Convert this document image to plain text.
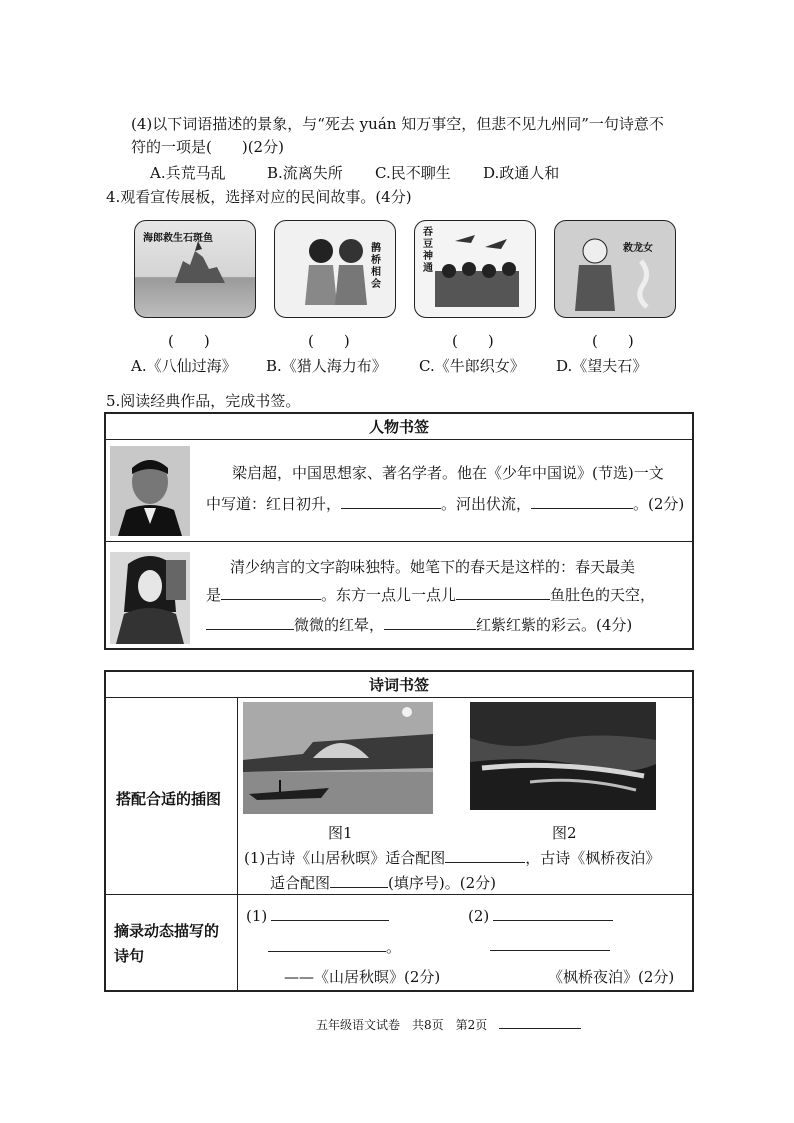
(4)以下词语描述的景象，与“死去 yuán 知万事空，但悲不见九州同”一句诗意不
符的一项是(　　)(2分)
A.兵荒马乱	B.流离失所 C.民不聊生 D.政通人和
4.观看宣传展板，选择对应的民间故事。(4分)
海郎救生石斑鱼
鹊桥相会
吞豆神通
救龙女
(　　)	(　　)	(　　)	(　　)
A.《八仙过海》 B.《猎人海力布》 C.《牛郎织女》 D.《望夫石》
5.阅读经典作品，完成书签。
人物书签
梁启超，中国思想家、著名学者。他在《少年中国说》(节选)一文
中写道：红日初升，	。河出伏流，	。(2分)
清少纳言的文字韵味独特。她笔下的春天是这样的：春天最美
是	。东方一点儿一点儿	鱼肚色的天空，
微微的红晕，	红紫红紫的彩云。(4分)
诗词书签
搭配合适的插图
图1	图2
(1)古诗《山居秋暝》适合配图	，古诗《枫桥夜泊》
适合配图	(填序号)。(2分)
摘录动态描写的
诗句
(1)
。
——《山居秋暝》(2分)
(2)
《枫桥夜泊》(2分)
五年级语文试卷　共8页　第2页
